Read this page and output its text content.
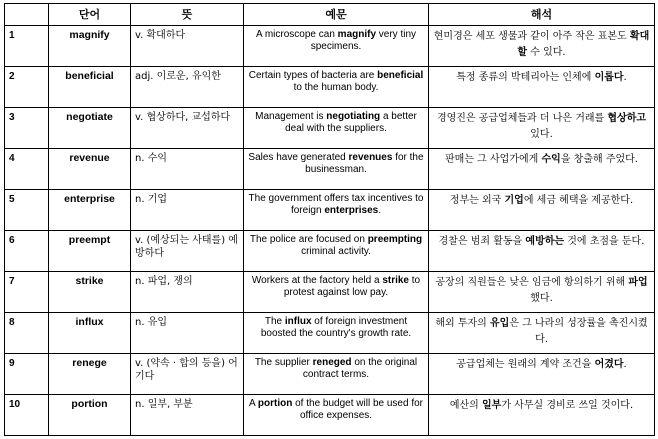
	단어	뜻	예문	해석
1	magnify	v. 확대하다	A microscope can magnify very tiny specimens.	현미경은 세포 생물과 같이 아주 작은 표본도 확대할 수 있다.
2	beneficial	adj. 이로운, 유익한	Certain types of bacteria are beneficial to the human body.	특정 종류의 박테리아는 인체에 이롭다.
3	negotiate	v. 협상하다, 교섭하다	Management is negotiating a better deal with the suppliers.	경영진은 공급업체들과 더 나은 거래를 협상하고 있다.
4	revenue	n. 수익	Sales have generated revenues for the businessman.	판매는 그 사업가에게 수익을 창출해 주었다.
5	enterprise	n. 기업	The government offers tax incentives to foreign enterprises.	정부는 외국 기업에 세금 혜택을 제공한다.
6	preempt	v. (예상되는 사태를) 예방하다	The police are focused on preempting criminal activity.	경찰은 범죄 활동을 예방하는 것에 초점을 둔다.
7	strike	n. 파업, 쟁의	Workers at the factory held a strike to protest against low pay.	공장의 직원들은 낮은 임금에 항의하기 위해 파업했다.
8	influx	n. 유입	The influx of foreign investment boosted the country's growth rate.	해외 투자의 유입은 그 나라의 성장률을 촉진시켰다.
9	renege	v. (약속 · 합의 등을) 어기다	The supplier reneged on the original contract terms.	공급업체는 원래의 계약 조건을 어겼다.
10	portion	n. 일부, 부분	A portion of the budget will be used for office expenses.	예산의 일부가 사무실 경비로 쓰일 것이다.
